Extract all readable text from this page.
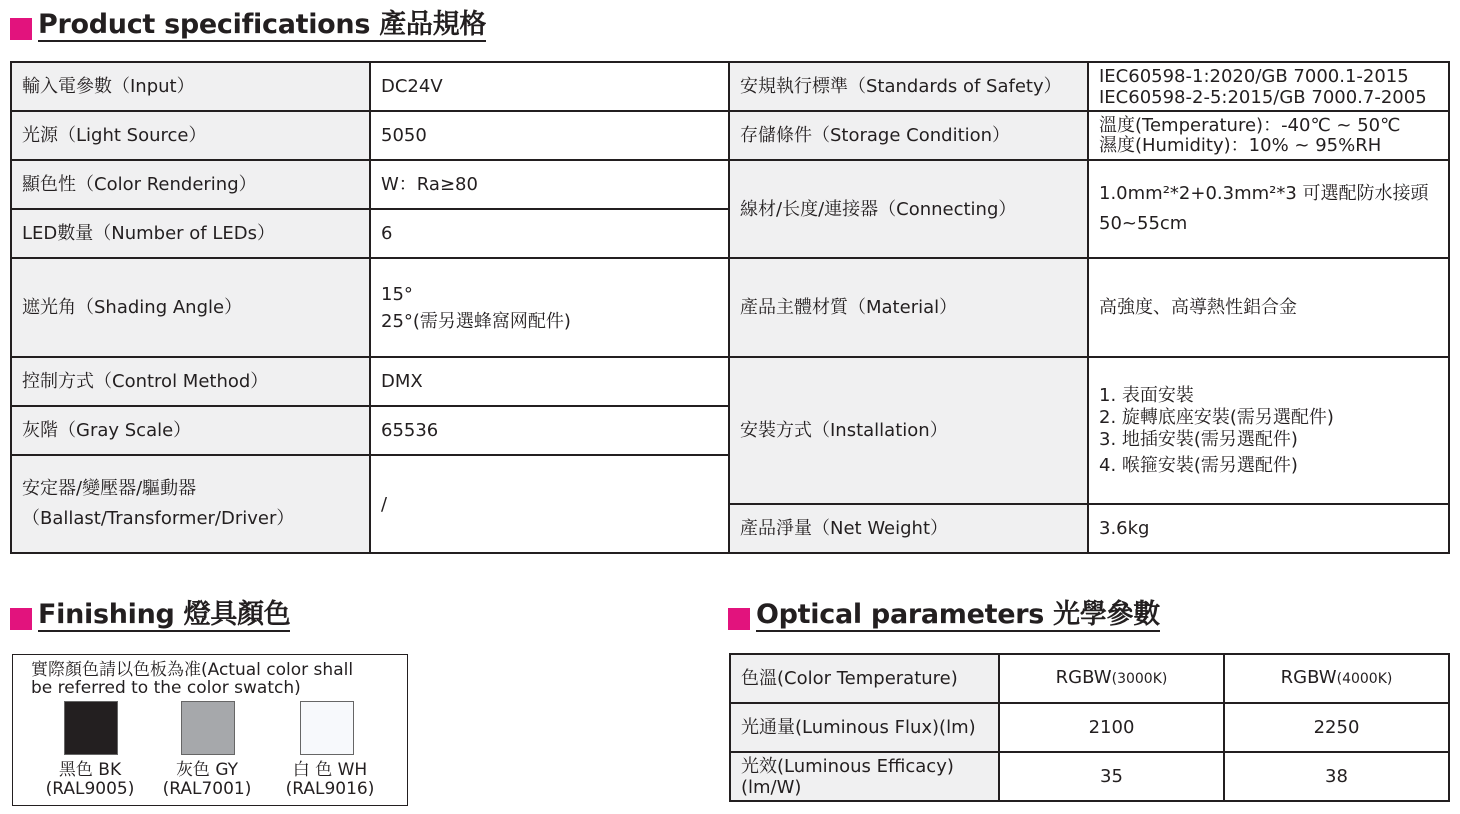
Product specifications 產品規格
輸入電參數（Input）	DC24V	安規執行標準（Standards of Safety）	IEC60598-1:2020/GB 7000.1-2015
IEC60598-2-5:2015/GB 7000.7-2005

光源（Light Source）	5050	存儲條件（Storage Condition）	溫度(Temperature)：-40℃ ~ 50℃
濕度(Humidity)：10% ~ 95%RH

顯色性（Color Rendering）	W：Ra≥80	線材/长度/連接器（Connecting）	1.0mm²*2+0.3mm²*3 可選配防水接頭
50~55cm

LED數量（Number of LEDs）	6		
遮光角（Shading Angle）	15°
25°(需另選蜂窩网配件)	產品主體材質（Material）	高強度、高導熱性鋁合金
控制方式（Control Method）	DMX	安裝方式（Installation）	1. 表面安裝
2. 旋轉底座安裝(需另選配件)
3. 地插安裝(需另選配件)
4. 喉箍安裝(需另選配件)

灰階（Gray Scale）	65536		

安定器/變壓器/驅動器
（Ballast/Transformer/Driver）	/		
		產品淨量（Net Weight）	3.6kg
Finishing 燈具顏色
實際顏色請以色板為准(Actual color shall
be referred to the color swatch)
黑色 BK
(RAL9005)
灰色 GY
(RAL7001)
白 色 WH
(RAL9016)
Optical parameters 光學參數
色溫(Color Temperature)	RGBW(3000K)	RGBW(4000K)
光通量(Luminous Flux)(lm)	2100	2250
光效(Luminous Efficacy)(lm/W)	35	38
